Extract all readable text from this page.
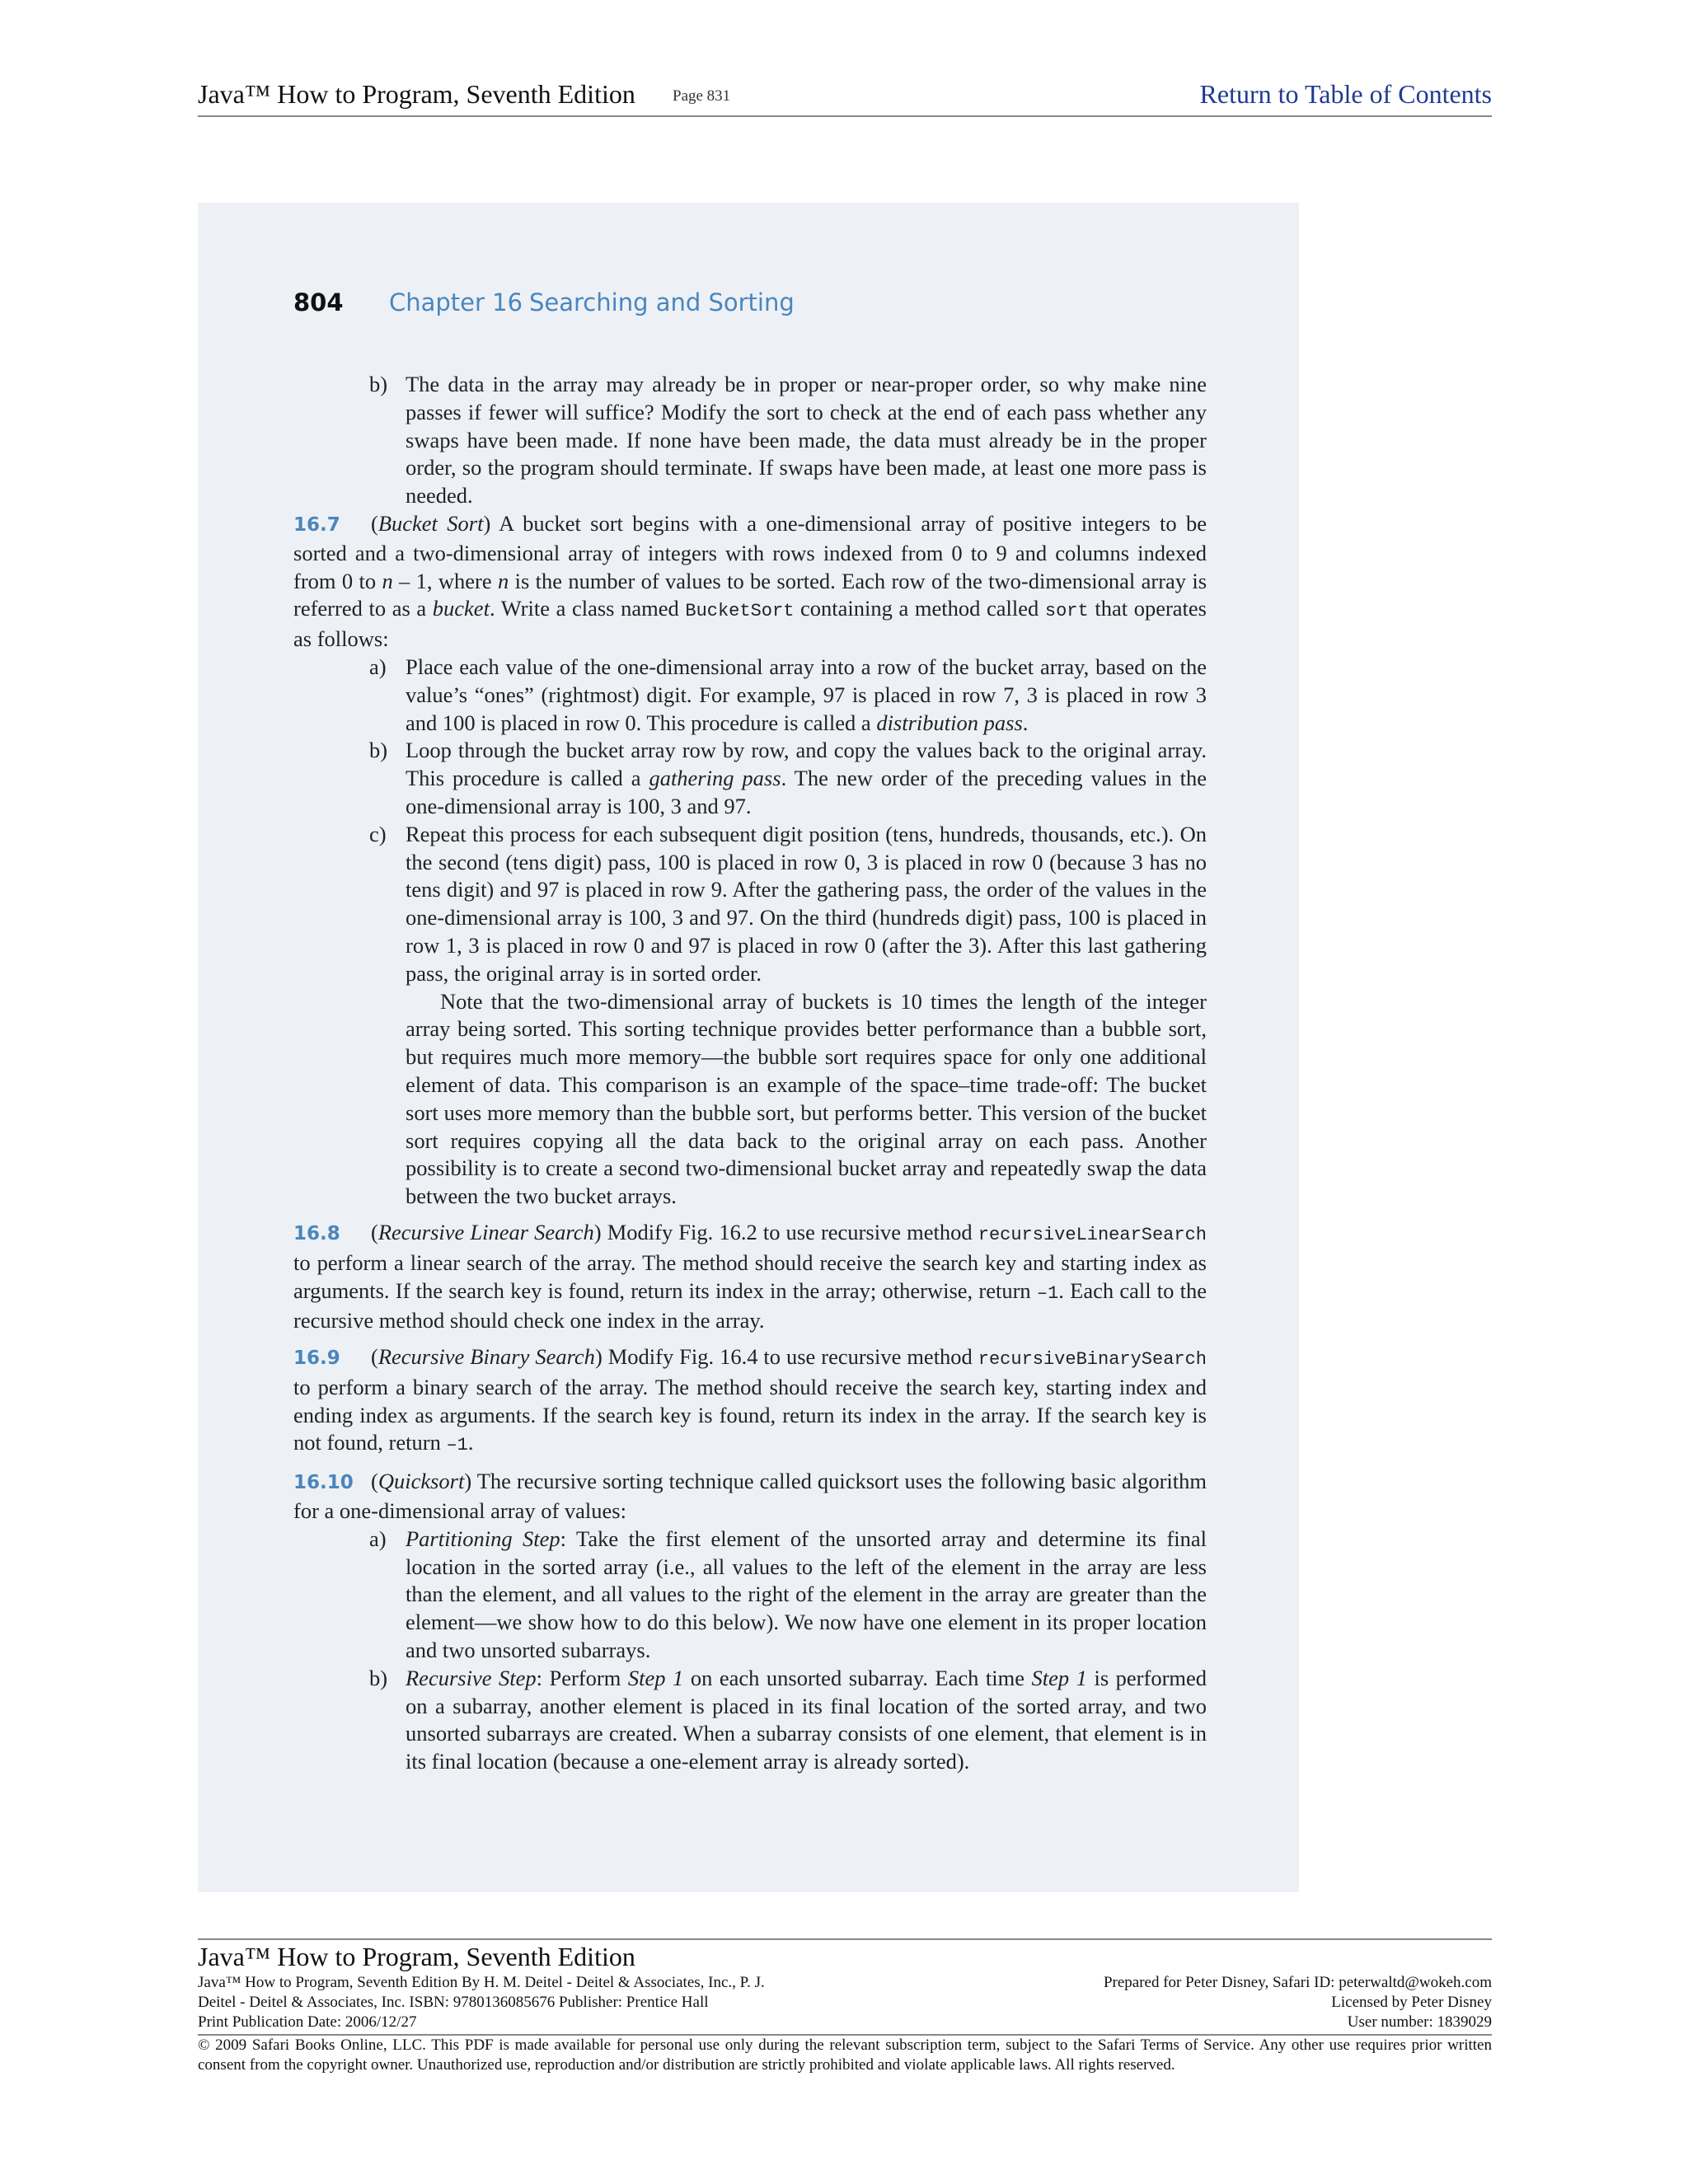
Java™ How to Program, Seventh Edition Page 831	Return to Table of Contents
804 Chapter 16 Searching and Sorting

b) The data in the array may already be in proper or near-proper order, so why make nine passes if fewer will suffice? Modify the sort to check at the end of each pass whether any swaps have been made. If none have been made, the data must already be in the proper order, so the program should terminate. If swaps have been made, at least one more pass is needed.

16.7 (Bucket Sort) A bucket sort begins with a one-dimensional array of positive integers to be sorted and a two-dimensional array of integers with rows indexed from 0 to 9 and columns indexed from 0 to n – 1, where n is the number of values to be sorted. Each row of the two-dimensional array is referred to as a bucket. Write a class named BucketSort containing a method called sort that operates as follows:

a) Place each value of the one-dimensional array into a row of the bucket array, based on the value’s “ones” (rightmost) digit. For example, 97 is placed in row 7, 3 is placed in row 3 and 100 is placed in row 0. This procedure is called a distribution pass.

b) Loop through the bucket array row by row, and copy the values back to the original array. This procedure is called a gathering pass. The new order of the preceding values in the one-dimensional array is 100, 3 and 97.

c) Repeat this process for each subsequent digit position (tens, hundreds, thousands, etc.). On the second (tens digit) pass, 100 is placed in row 0, 3 is placed in row 0 (because 3 has no tens digit) and 97 is placed in row 9. After the gathering pass, the order of the values in the one-dimensional array is 100, 3 and 97. On the third (hundreds digit) pass, 100 is placed in row 1, 3 is placed in row 0 and 97 is placed in row 0 (after the 3). After this last gathering pass, the original array is in sorted order.

Note that the two-dimensional array of buckets is 10 times the length of the integer array being sorted. This sorting technique provides better performance than a bubble sort, but requires much more memory—the bubble sort requires space for only one additional element of data. This comparison is an example of the space–time trade-off: The bucket sort uses more memory than the bubble sort, but performs better. This version of the bucket sort requires copying all the data back to the original array on each pass. Another possibility is to create a second two-dimensional bucket array and repeatedly swap the data between the two bucket arrays.

16.8 (Recursive Linear Search) Modify Fig. 16.2 to use recursive method recursiveLinearSearch to perform a linear search of the array. The method should receive the search key and starting index as arguments. If the search key is found, return its index in the array; otherwise, return –1. Each call to the recursive method should check one index in the array.

16.9 (Recursive Binary Search) Modify Fig. 16.4 to use recursive method recursiveBinarySearch to perform a binary search of the array. The method should receive the search key, starting index and ending index as arguments. If the search key is found, return its index in the array. If the search key is not found, return –1.

16.10 (Quicksort) The recursive sorting technique called quicksort uses the following basic algorithm for a one-dimensional array of values:

a) Partitioning Step: Take the first element of the unsorted array and determine its final location in the sorted array (i.e., all values to the left of the element in the array are less than the element, and all values to the right of the element in the array are greater than the element—we show how to do this below). We now have one element in its proper location and two unsorted subarrays.

b) Recursive Step: Perform Step 1 on each unsorted subarray. Each time Step 1 is performed on a subarray, another element is placed in its final location of the sorted array, and two unsorted subarrays are created. When a subarray consists of one element, that element is in its final location (because a one-element array is already sorted).

Java™ How to Program, Seventh Edition
Java™ How to Program, Seventh Edition By H. M. Deitel - Deitel & Associates, Inc., P. J.	Prepared for Peter Disney, Safari ID: peterwaltd@wokeh.com
Deitel - Deitel & Associates, Inc. ISBN: 9780136085676 Publisher: Prentice Hall	Licensed by Peter Disney
Print Publication Date: 2006/12/27	User number: 1839029
© 2009 Safari Books Online, LLC. This PDF is made available for personal use only during the relevant subscription term, subject to the Safari Terms of Service. Any other use requires prior written consent from the copyright owner. Unauthorized use, reproduction and/or distribution are strictly prohibited and violate applicable laws. All rights reserved.
